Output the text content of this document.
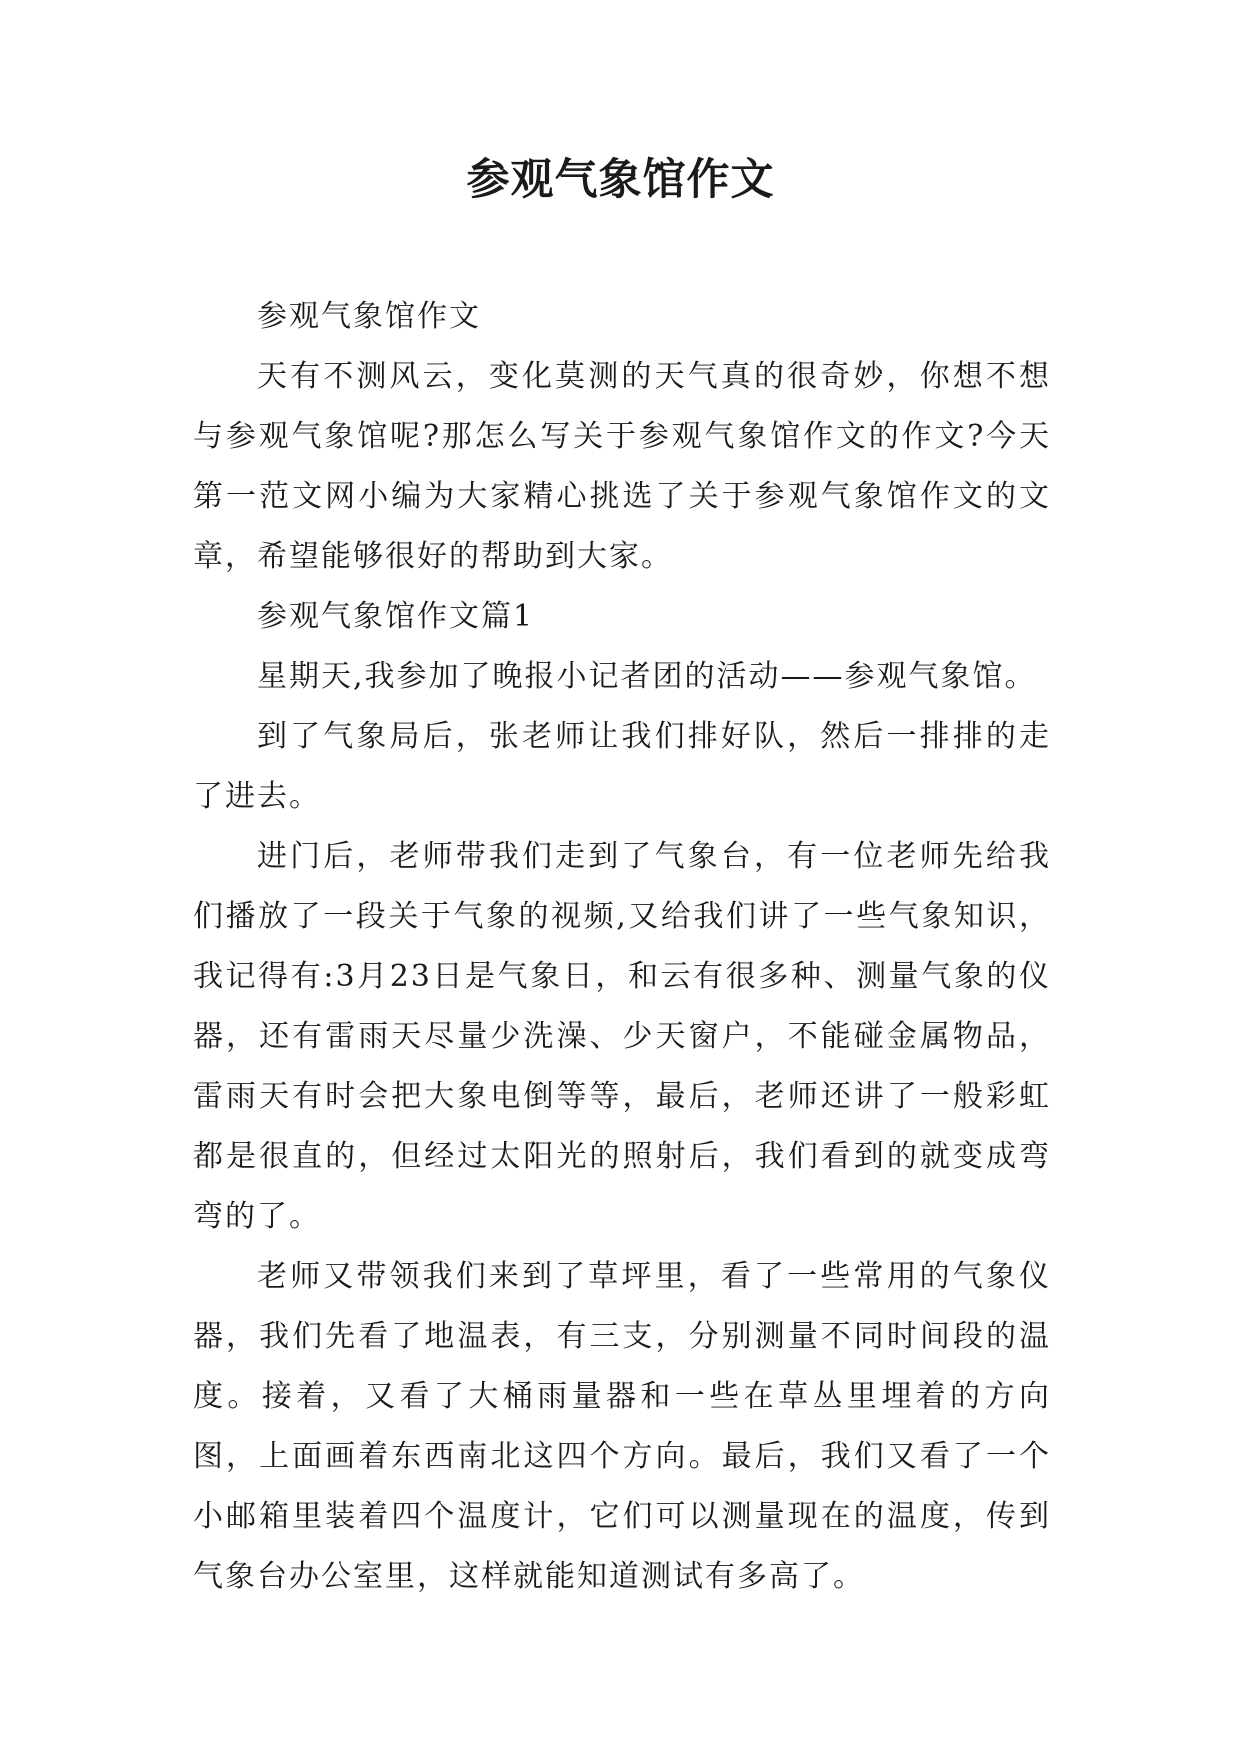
参观气象馆作文

参观气象馆作文

天有不测风云，变化莫测的天气真的很奇妙，你想不想与参观气象馆呢?那怎么写关于参观气象馆作文的作文?今天第一范文网小编为大家精心挑选了关于参观气象馆作文的文章，希望能够很好的帮助到大家。

参观气象馆作文篇1

星期天,我参加了晚报小记者团的活动——参观气象馆。

到了气象局后，张老师让我们排好队，然后一排排的走了进去。

进门后，老师带我们走到了气象台，有一位老师先给我们播放了一段关于气象的视频,又给我们讲了一些气象知识，我记得有:3月23日是气象日，和云有很多种、测量气象的仪器，还有雷雨天尽量少洗澡、少天窗户，不能碰金属物品，雷雨天有时会把大象电倒等等，最后，老师还讲了一般彩虹都是很直的，但经过太阳光的照射后，我们看到的就变成弯弯的了。

老师又带领我们来到了草坪里，看了一些常用的气象仪器，我们先看了地温表，有三支，分别测量不同时间段的温度。接着，又看了大桶雨量器和一些在草丛里埋着的方向图，上面画着东西南北这四个方向。最后，我们又看了一个小邮箱里装着四个温度计，它们可以测量现在的温度，传到气象台办公室里，这样就能知道测试有多高了。
